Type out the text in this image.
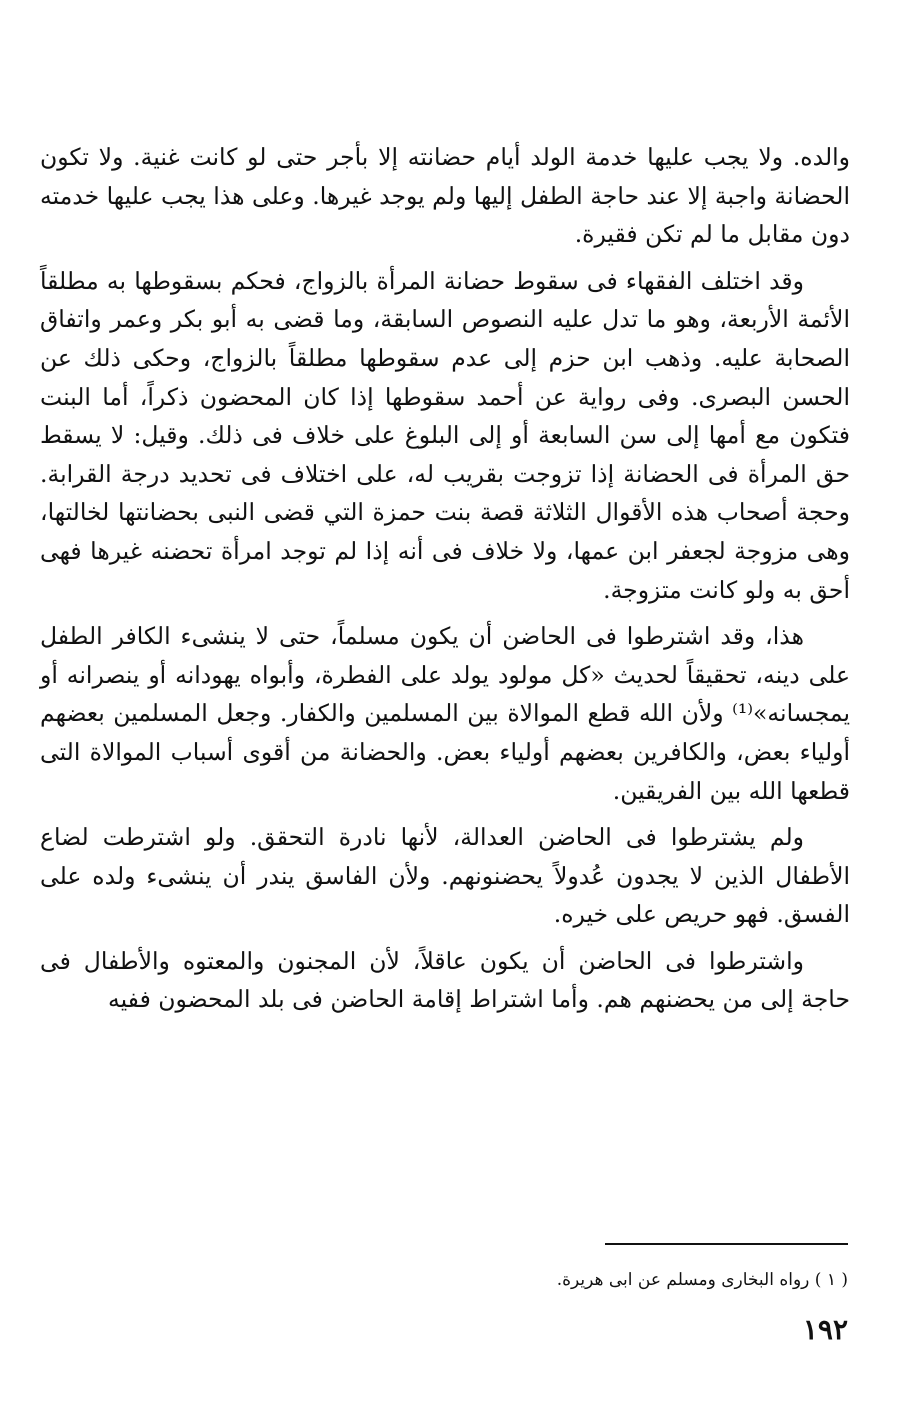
والده. ولا يجب عليها خدمة الولد أيام حضانته إلا بأجر حتى لو كانت غنية. ولا تكون الحضانة واجبة إلا عند حاجة الطفل إليها ولم يوجد غيرها. وعلى هذا يجب عليها خدمته دون مقابل ما لم تكن فقيرة.

وقد اختلف الفقهاء فى سقوط حضانة المرأة بالزواج، فحكم بسقوطها به مطلقاً الأئمة الأربعة، وهو ما تدل عليه النصوص السابقة، وما قضى به أبو بكر وعمر واتفاق الصحابة عليه. وذهب ابن حزم إلى عدم سقوطها مطلقاً بالزواج، وحكى ذلك عن الحسن البصرى. وفى رواية عن أحمد سقوطها إذا كان المحضون ذكراً، أما البنت فتكون مع أمها إلى سن السابعة أو إلى البلوغ على خلاف فى ذلك. وقيل: لا يسقط حق المرأة فى الحضانة إذا تزوجت بقريب له، على اختلاف فى تحديد درجة القرابة. وحجة أصحاب هذه الأقوال الثلاثة قصة بنت حمزة التي قضى النبى بحضانتها لخالتها، وهى مزوجة لجعفر ابن عمها، ولا خلاف فى أنه إذا لم توجد امرأة تحضنه غيرها فهى أحق به ولو كانت متزوجة.

هذا، وقد اشترطوا فى الحاضن أن يكون مسلماً، حتى لا ينشىء الكافر الطفل على دينه، تحقيقاً لحديث «كل مولود يولد على الفطرة، وأبواه يهودانه أو ينصرانه أو يمجسانه»⁽¹⁾ ولأن الله قطع الموالاة بين المسلمين والكفار. وجعل المسلمين بعضهم أولياء بعض، والكافرين بعضهم أولياء بعض. والحضانة من أقوى أسباب الموالاة التى قطعها الله بين الفريقين.

ولم يشترطوا فى الحاضن العدالة، لأنها نادرة التحقق. ولو اشترطت لضاع الأطفال الذين لا يجدون عُدولاً يحضنونهم. ولأن الفاسق يندر أن ينشىء ولده على الفسق. فهو حريص على خيره.

واشترطوا فى الحاضن أن يكون عاقلاً، لأن المجنون والمعتوه والأطفال فى حاجة إلى من يحضنهم هم. وأما اشتراط إقامة الحاضن فى بلد المحضون ففيه

( ١ ) رواه البخارى ومسلم عن ابى هريرة.
١٩٢
